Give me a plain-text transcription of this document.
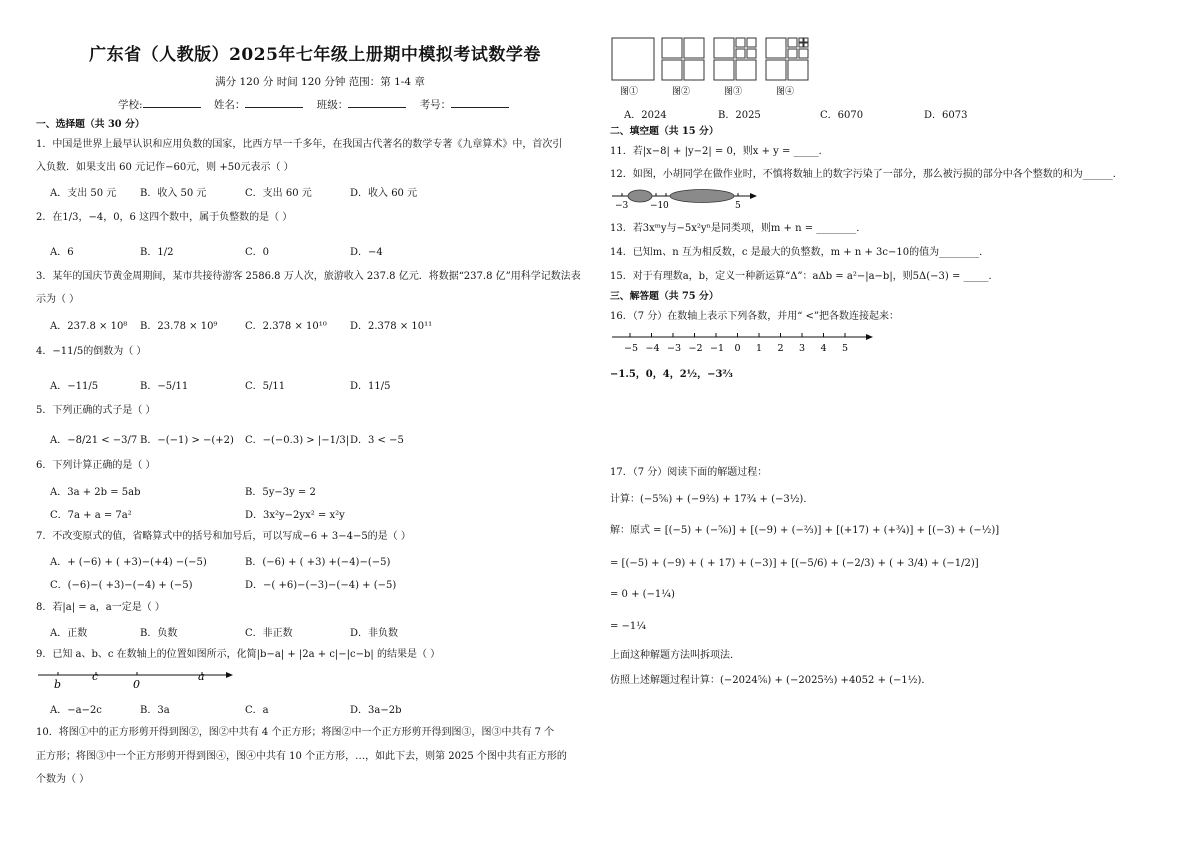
广东省（人教版）2025年七年级上册期中模拟考试数学卷
满分 120 分 时间 120 分钟 范围：第 1-4 章
学校:	姓名：	班级：	考号：
一、选择题（共 30 分）
1．中国是世界上最早认识和应用负数的国家，比西方早一千多年，在我国古代著名的数学专著《九章算术》中，首次引
入负数．如果支出 60 元记作−60元，则 +50元表示（ ）
A．支出 50 元 B．收入 50 元	C．支出 60 元	D．收入 60 元
2．在1/3，−4，0，6 这四个数中，属于负整数的是（ ）
A．6	B．1/2	C．0	D．−4
3．某年的国庆节黄金周期间，某市共接待游客 2586.8 万人次，旅游收入 237.8 亿元．将数据“237.8 亿”用科学记数法表
示为（ ）
A．237.8 × 10⁸ B．23.78 × 10⁹	C．2.378 × 10¹⁰ D．2.378 × 10¹¹
4．−11/5的倒数为（ ）
A．−11/5	B．−5/11	C．5/11	D．11/5
5．下列正确的式子是（ ）
A．−8/21 < −3/7 B．−(−1) > −(+2) C．−(−0.3) > |−1/3| D．3 < −5
6．下列计算正确的是（ ）
A．3a + 2b = 5ab	B．5y−3y = 2
C．7a + a = 7a²	D．3x²y−2yx² = x²y
7．不改变原式的值，省略算式中的括号和加号后，可以写成−6 + 3−4−5的是（ ）
A．+ (−6) + ( +3)−(+4) −(−5)	B．(−6) + ( +3) +(−4)−(−5)
C．(−6)−( +3)−(−4) + (−5)	D．−( +6)−(−3)−(−4) + (−5)
8．若|a| = a，a一定是（ ）
A．正数	B．负数	C．非正数	D．非负数
9．已知 a、b、c 在数轴上的位置如图所示，化简|b−a| + |2a + c|−|c−b| 的结果是（ ）
b
c
0
a
A．−a−2c	B．3a	C．a	D．3a−2b
10．将图①中的正方形剪开得到图②，图②中共有 4 个正方形；将图②中一个正方形剪开得到图③，图③中共有 7 个
正方形；将图③中一个正方形剪开得到图④，图④中共有 10 个正方形，…，如此下去，则第 2025 个图中共有正方形的
个数为（ ）
图①	图②	图③	图④
A．2024	B．2025	C．6070	D．6073
二、填空题（共 15 分）
11．若|x−8| + |y−2| = 0，则x + y = _____．
12．如图，小胡同学在做作业时，不慎将数轴上的数字污染了一部分，那么被污损的部分中各个整数的和为______．
−3 −1 0	5
13．若3xᵐy与−5x²yⁿ是同类项，则m + n = ________．
14．已知m、n 互为相反数，c 是最大的负整数，m + n + 3c−10的值为________．
15．对于有理数a，b，定义一种新运算“Δ”：aΔb = a²−|a−b|，则5Δ(−3) = _____．
三、解答题（共 75 分）
16．（7 分）在数轴上表示下列各数，并用“ <”把各数连接起来：
−5 −4 −3 −2 −1 0 1 2 3 4 5
−1.5，0，4，2½，−3⅔
17．（7 分）阅读下面的解题过程：
计算：(−5⅚) + (−9⅔) + 17¾ + (−3½)．
解：原式 = [(−5) + (−⅚)] + [(−9) + (−⅔)] + [(+17) + (+¾)] + [(−3) + (−½)]
= [(−5) + (−9) + ( + 17) + (−3)] + [(−5/6) + (−2/3) + ( + 3/4) + (−1/2)]
= 0 + (−1¼)
= −1¼
上面这种解题方法叫拆项法．
仿照上述解题过程计算：(−2024⅚) + (−2025⅔) +4052 + (−1½)．
